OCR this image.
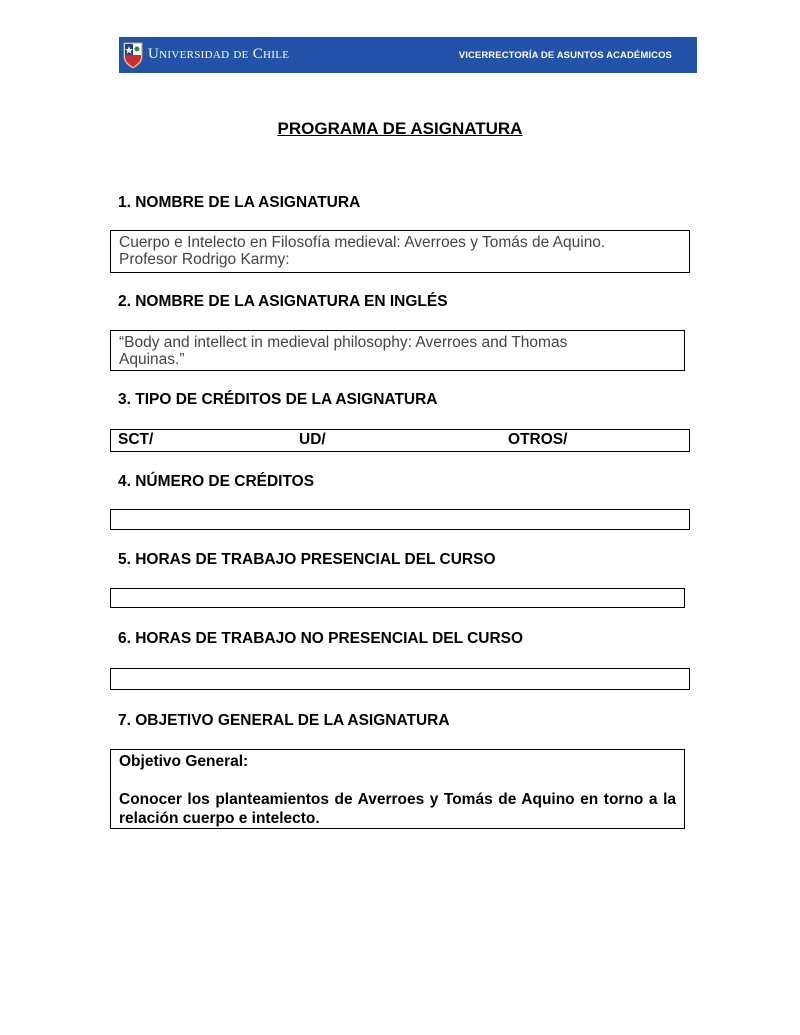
Universidad de Chile	VICERRECTORÍA DE ASUNTOS ACADÉMICOS
PROGRAMA DE ASIGNATURA
1. NOMBRE DE LA ASIGNATURA
Cuerpo e Intelecto en Filosofía medieval: Averroes y Tomás de Aquino.
Profesor Rodrigo Karmy:
2. NOMBRE DE LA ASIGNATURA EN INGLÉS
“Body and intellect in medieval philosophy: Averroes and Thomas
Aquinas.”
3. TIPO DE CRÉDITOS DE LA ASIGNATURA
SCT/	UD/	OTROS/
4. NÚMERO DE CRÉDITOS
5. HORAS DE TRABAJO PRESENCIAL DEL CURSO
6. HORAS DE TRABAJO NO PRESENCIAL DEL CURSO
7. OBJETIVO GENERAL DE LA ASIGNATURA
Objetivo General:
Conocer los planteamientos de Averroes y Tomás de Aquino en torno a la relación cuerpo e intelecto.
